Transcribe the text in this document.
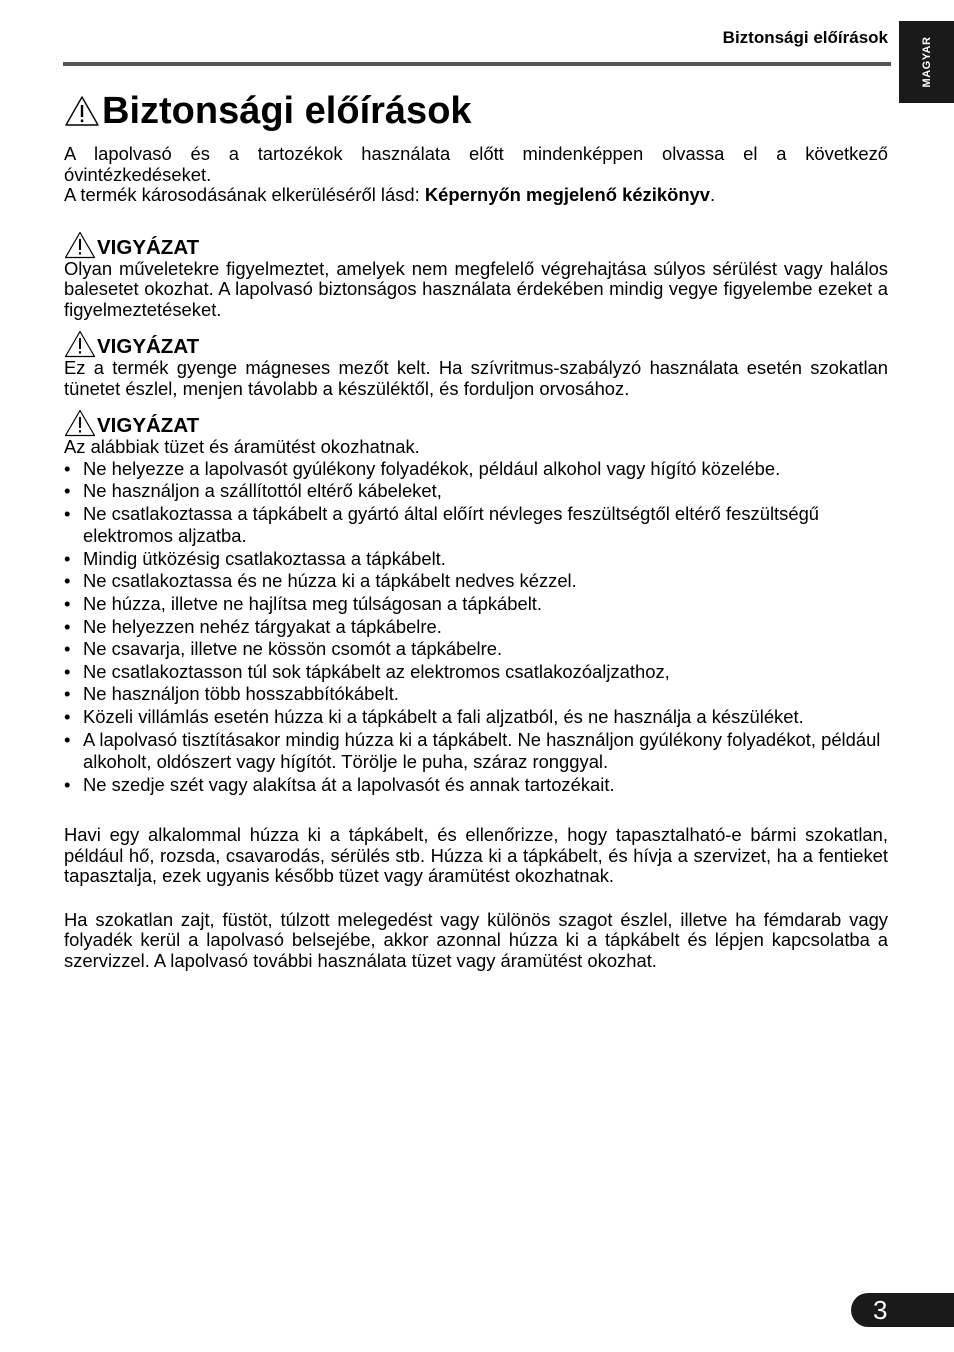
Biztonsági előírások	MAGYAR
Biztonsági előírások

A lapolvasó és a tartozékok használata előtt mindenképpen olvassa el a következő óvintézkedéseket.

A termék károsodásának elkerüléséről lásd: Képernyőn megjelenő kézikönyv.

VIGYÁZAT

Olyan műveletekre figyelmeztet, amelyek nem megfelelő végrehajtása súlyos sérülést vagy halálos balesetet okozhat. A lapolvasó biztonságos használata érdekében mindig vegye figyelembe ezeket a figyelmeztetéseket.

VIGYÁZAT

Ez a termék gyenge mágneses mezőt kelt. Ha szívritmus-szabályzó használata esetén szokatlan tünetet észlel, menjen távolabb a készüléktől, és forduljon orvosához.

VIGYÁZAT

Az alábbiak tüzet és áramütést okozhatnak.

• Ne helyezze a lapolvasót gyúlékony folyadékok, például alkohol vagy hígító közelébe.
• Ne használjon a szállítottól eltérő kábeleket,
• Ne csatlakoztassa a tápkábelt a gyártó által előírt névleges feszültségtől eltérő feszültségű elektromos aljzatba.
• Mindig ütközésig csatlakoztassa a tápkábelt.
• Ne csatlakoztassa és ne húzza ki a tápkábelt nedves kézzel.
• Ne húzza, illetve ne hajlítsa meg túlságosan a tápkábelt.
• Ne helyezzen nehéz tárgyakat a tápkábelre.
• Ne csavarja, illetve ne kössön csomót a tápkábelre.
• Ne csatlakoztasson túl sok tápkábelt az elektromos csatlakozóaljzathoz,
• Ne használjon több hosszabbítókábelt.
• Közeli villámlás esetén húzza ki a tápkábelt a fali aljzatból, és ne használja a készüléket.
• A lapolvasó tisztításakor mindig húzza ki a tápkábelt. Ne használjon gyúlékony folyadékot, például alkoholt, oldószert vagy hígítót. Törölje le puha, száraz ronggyal.
• Ne szedje szét vagy alakítsa át a lapolvasót és annak tartozékait.

Havi egy alkalommal húzza ki a tápkábelt, és ellenőrizze, hogy tapasztalható-e bármi szokatlan, például hő, rozsda, csavarodás, sérülés stb. Húzza ki a tápkábelt, és hívja a szervizet, ha a fentieket tapasztalja, ezek ugyanis később tüzet vagy áramütést okozhatnak.

Ha szokatlan zajt, füstöt, túlzott melegedést vagy különös szagot észlel, illetve ha fémdarab vagy folyadék kerül a lapolvasó belsejébe, akkor azonnal húzza ki a tápkábelt és lépjen kapcsolatba a szervizzel. A lapolvasó további használata tüzet vagy áramütést okozhat.

3
